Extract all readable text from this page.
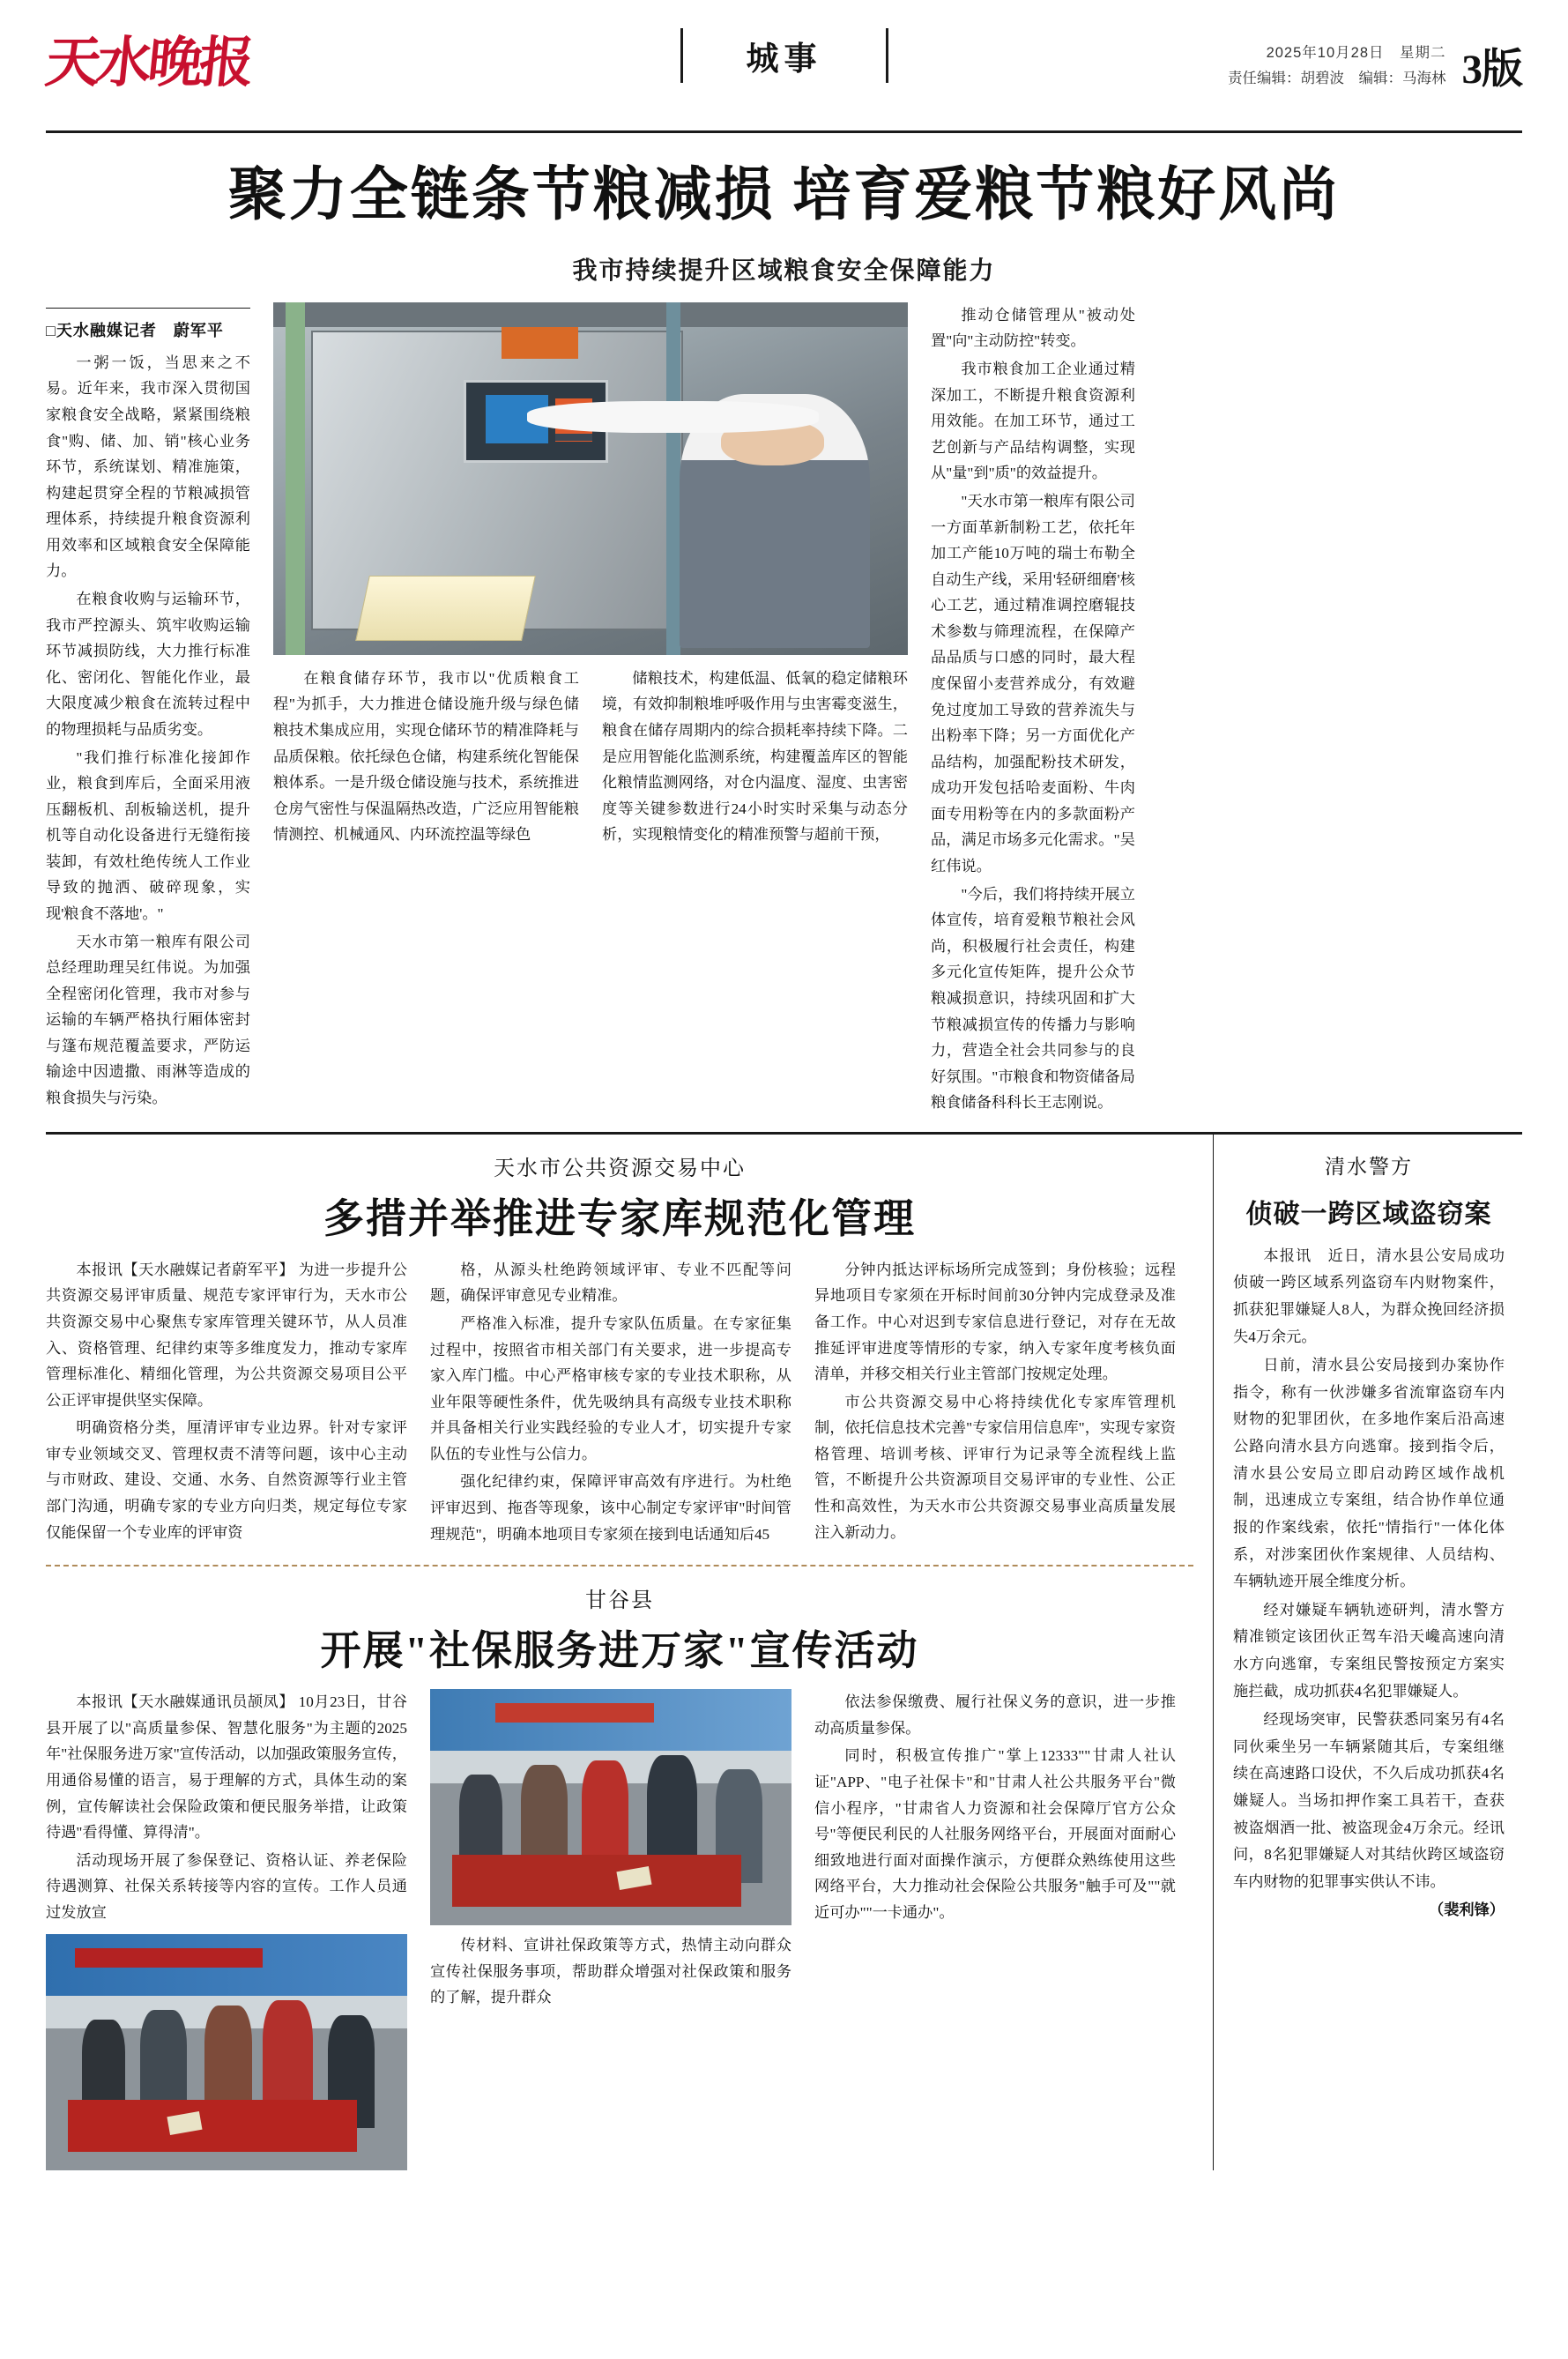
天水晚报	城事	2025年10月28日　星期二
责任编辑：胡碧波　编辑：马海林 3版
聚力全链条节粮减损 培育爱粮节粮好风尚
我市持续提升区域粮食安全保障能力
□天水融媒记者　蔚军平

一粥一饭，当思来之不易。近年来，我市深入贯彻国家粮食安全战略，紧紧围绕粮食"购、储、加、销"核心业务环节，系统谋划、精准施策，构建起贯穿全程的节粮减损管理体系，持续提升粮食资源利用效率和区域粮食安全保障能力。

在粮食收购与运输环节，我市严控源头、筑牢收购运输环节减损防线，大力推行标准化、密闭化、智能化作业，最大限度减少粮食在流转过程中的物理损耗与品质劣变。

"我们推行标准化接卸作业，粮食到库后，全面采用液压翻板机、刮板输送机，提升机等自动化设备进行无缝衔接装卸，有效杜绝传统人工作业导致的抛洒、破碎现象，实现'粮食不落地'。"

天水市第一粮库有限公司总经理助理吴红伟说。为加强全程密闭化管理，我市对参与运输的车辆严格执行厢体密封与篷布规范覆盖要求，严防运输途中因遗撒、雨淋等造成的粮食损失与污染。

在粮食储存环节，我市以"优质粮食工程"为抓手，大力推进仓储设施升级与绿色储粮技术集成应用，实现仓储环节的精准降耗与品质保粮。依托绿色仓储，构建系统化智能保粮体系。一是升级仓储设施与技术，系统推进仓房气密性与保温隔热改造，广泛应用智能粮情测控、机械通风、内环流控温等绿色

储粮技术，构建低温、低氧的稳定储粮环境，有效抑制粮堆呼吸作用与虫害霉变滋生，粮食在储存周期内的综合损耗率持续下降。二是应用智能化监测系统，构建覆盖库区的智能化粮情监测网络，对仓内温度、湿度、虫害密度等关键参数进行24小时实时采集与动态分析，实现粮情变化的精准预警与超前干预，

推动仓储管理从"被动处置"向"主动防控"转变。

我市粮食加工企业通过精深加工，不断提升粮食资源利用效能。在加工环节，通过工艺创新与产品结构调整，实现从"量"到"质"的效益提升。

"天水市第一粮库有限公司一方面革新制粉工艺，依托年加工产能10万吨的瑞士布勒全自动生产线，采用'轻研细磨'核心工艺，通过精准调控磨辊技术参数与筛理流程，在保障产品品质与口感的同时，最大程度保留小麦营养成分，有效避免过度加工导致的营养流失与出粉率下降；另一方面优化产品结构，加强配粉技术研发，成功开发包括哈麦面粉、牛肉面专用粉等在内的多款面粉产品，满足市场多元化需求。"吴红伟说。

"今后，我们将持续开展立体宣传，培育爱粮节粮社会风尚，积极履行社会责任，构建多元化宣传矩阵，提升公众节粮减损意识，持续巩固和扩大节粮减损宣传的传播力与影响力，营造全社会共同参与的良好氛围。"市粮食和物资储备局粮食储备科科长王志刚说。

天水市公共资源交易中心
多措并举推进专家库规范化管理

本报讯【天水融媒记者蔚军平】 为进一步提升公共资源交易评审质量、规范专家评审行为，天水市公共资源交易中心聚焦专家库管理关键环节，从人员准入、资格管理、纪律约束等多维度发力，推动专家库管理标准化、精细化管理，为公共资源交易项目公平公正评审提供坚实保障。

明确资格分类，厘清评审专业边界。针对专家评审专业领域交叉、管理权责不清等问题，该中心主动与市财政、建设、交通、水务、自然资源等行业主管部门沟通，明确专家的专业方向归类，规定每位专家仅能保留一个专业库的评审资

格，从源头杜绝跨领域评审、专业不匹配等问题，确保评审意见专业精准。

严格准入标准，提升专家队伍质量。在专家征集过程中，按照省市相关部门有关要求，进一步提高专家入库门槛。中心严格审核专家的专业技术职称，从业年限等硬性条件，优先吸纳具有高级专业技术职称并具备相关行业实践经验的专业人才，切实提升专家队伍的专业性与公信力。

强化纪律约束，保障评审高效有序进行。为杜绝评审迟到、拖沓等现象，该中心制定专家评审"时间管理规范"，明确本地项目专家须在接到电话通知后45

分钟内抵达评标场所完成签到；身份核验；远程异地项目专家须在开标时间前30分钟内完成登录及准备工作。中心对迟到专家信息进行登记，对存在无故推延评审进度等情形的专家，纳入专家年度考核负面清单，并移交相关行业主管部门按规定处理。

市公共资源交易中心将持续优化专家库管理机制，依托信息技术完善"专家信用信息库"，实现专家资格管理、培训考核、评审行为记录等全流程线上监管，不断提升公共资源项目交易评审的专业性、公正性和高效性，为天水市公共资源交易事业高质量发展注入新动力。

甘谷县
开展"社保服务进万家"宣传活动

本报讯【天水融媒通讯员颉凤】 10月23日，甘谷县开展了以"高质量参保、智慧化服务"为主题的2025年"社保服务进万家"宣传活动，以加强政策服务宣传，用通俗易懂的语言，易于理解的方式，具体生动的案例，宣传解读社会保险政策和便民服务举措，让政策待遇"看得懂、算得清"。

活动现场开展了参保登记、资格认证、养老保险待遇测算、社保关系转接等内容的宣传。工作人员通过发放宣

传材料、宣讲社保政策等方式，热情主动向群众宣传社保服务事项，帮助群众增强对社保政策和服务的了解，提升群众

依法参保缴费、履行社保义务的意识，进一步推动高质量参保。

同时，积极宣传推广"掌上12333""甘肃人社认证"APP、"电子社保卡"和"甘肃人社公共服务平台"微信小程序，"甘肃省人力资源和社会保障厅官方公众号"等便民利民的人社服务网络平台，开展面对面耐心细致地进行面对面操作演示，方便群众熟练使用这些网络平台，大力推动社会保险公共服务"触手可及""就近可办""一卡通办"。

清水警方
侦破一跨区域盗窃案

本报讯　近日，清水县公安局成功侦破一跨区域系列盗窃车内财物案件，抓获犯罪嫌疑人8人，为群众挽回经济损失4万余元。

日前，清水县公安局接到办案协作指令，称有一伙涉嫌多省流窜盗窃车内财物的犯罪团伙，在多地作案后沿高速公路向清水县方向逃窜。接到指令后，清水县公安局立即启动跨区域作战机制，迅速成立专案组，结合协作单位通报的作案线索，依托"情指行"一体化体系，对涉案团伙作案规律、人员结构、车辆轨迹开展全维度分析。

经对嫌疑车辆轨迹研判，清水警方精准锁定该团伙正驾车沿天巉高速向清水方向逃窜，专案组民警按预定方案实施拦截，成功抓获4名犯罪嫌疑人。

经现场突审，民警获悉同案另有4名同伙乘坐另一车辆紧随其后，专案组继续在高速路口设伏，不久后成功抓获4名嫌疑人。当场扣押作案工具若干，查获被盗烟酒一批、被盗现金4万余元。经讯问，8名犯罪嫌疑人对其结伙跨区域盗窃车内财物的犯罪事实供认不讳。

（裴利锋）
